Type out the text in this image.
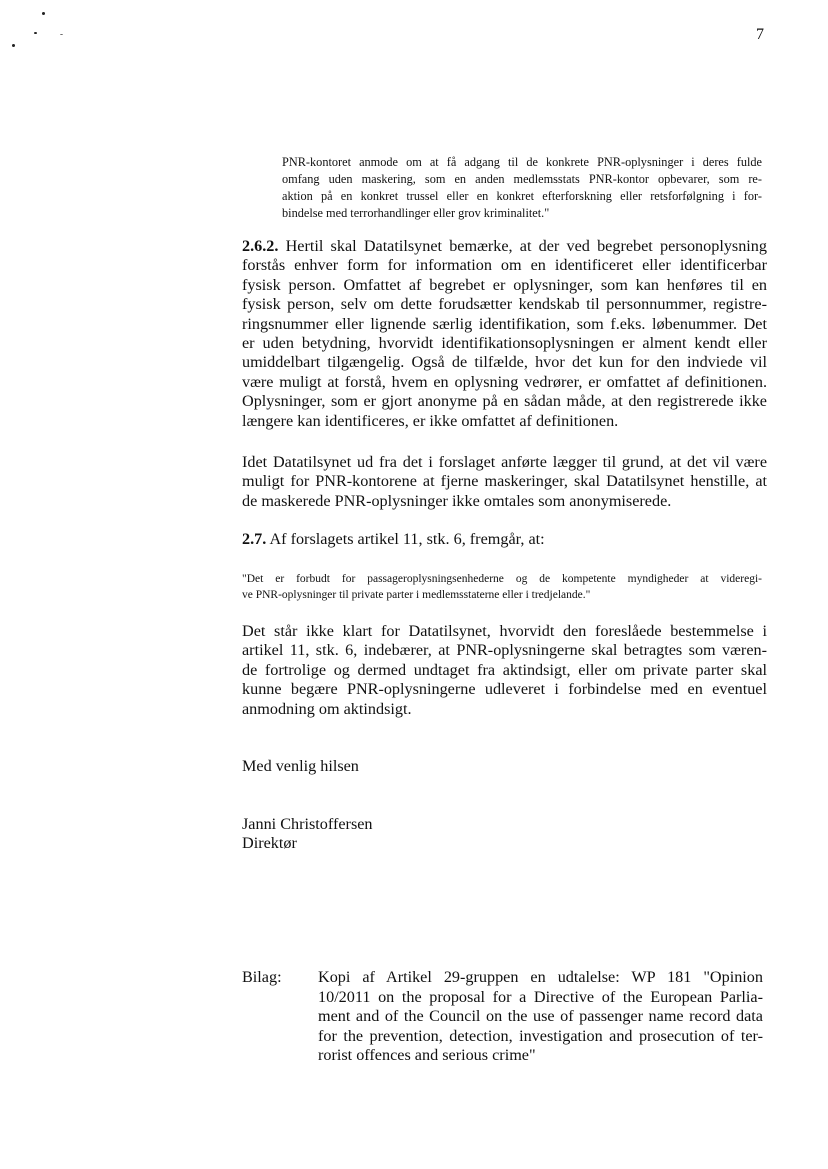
7
PNR-kontoret anmode om at få adgang til de konkrete PNR-oplysninger i deres fulde
omfang uden maskering, som en anden medlemsstats PNR-kontor opbevarer, som re-
aktion på en konkret trussel eller en konkret efterforskning eller retsforfølgning i for-
bindelse med terrorhandlinger eller grov kriminalitet."
2.6.2. Hertil skal Datatilsynet bemærke, at der ved begrebet personoplysning
forstås enhver form for information om en identificeret eller identificerbar
fysisk person. Omfattet af begrebet er oplysninger, som kan henføres til en
fysisk person, selv om dette forudsætter kendskab til personnummer, registre-
ringsnummer eller lignende særlig identifikation, som f.eks. løbenummer. Det
er uden betydning, hvorvidt identifikationsoplysningen er alment kendt eller
umiddelbart tilgængelig. Også de tilfælde, hvor det kun for den indviede vil
være muligt at forstå, hvem en oplysning vedrører, er omfattet af definitionen.
Oplysninger, som er gjort anonyme på en sådan måde, at den registrerede ikke
længere kan identificeres, er ikke omfattet af definitionen.
Idet Datatilsynet ud fra det i forslaget anførte lægger til grund, at det vil være
muligt for PNR-kontorene at fjerne maskeringer, skal Datatilsynet henstille, at
de maskerede PNR-oplysninger ikke omtales som anonymiserede.
2.7. Af forslagets artikel 11, stk. 6, fremgår, at:
"Det er forbudt for passageroplysningsenhederne og de kompetente myndigheder at videregi-
ve PNR-oplysninger til private parter i medlemsstaterne eller i tredjelande."
Det står ikke klart for Datatilsynet, hvorvidt den foreslåede bestemmelse i
artikel 11, stk. 6, indebærer, at PNR-oplysningerne skal betragtes som væren-
de fortrolige og dermed undtaget fra aktindsigt, eller om private parter skal
kunne begære PNR-oplysningerne udleveret i forbindelse med en eventuel
anmodning om aktindsigt.
Med venlig hilsen
Janni Christoffersen
Direktør
Bilag: Kopi af Artikel 29-gruppen en udtalelse: WP 181 "Opinion
10/2011 on the proposal for a Directive of the European Parlia-
ment and of the Council on the use of passenger name record data
for the prevention, detection, investigation and prosecution of ter-
rorist offences and serious crime"
